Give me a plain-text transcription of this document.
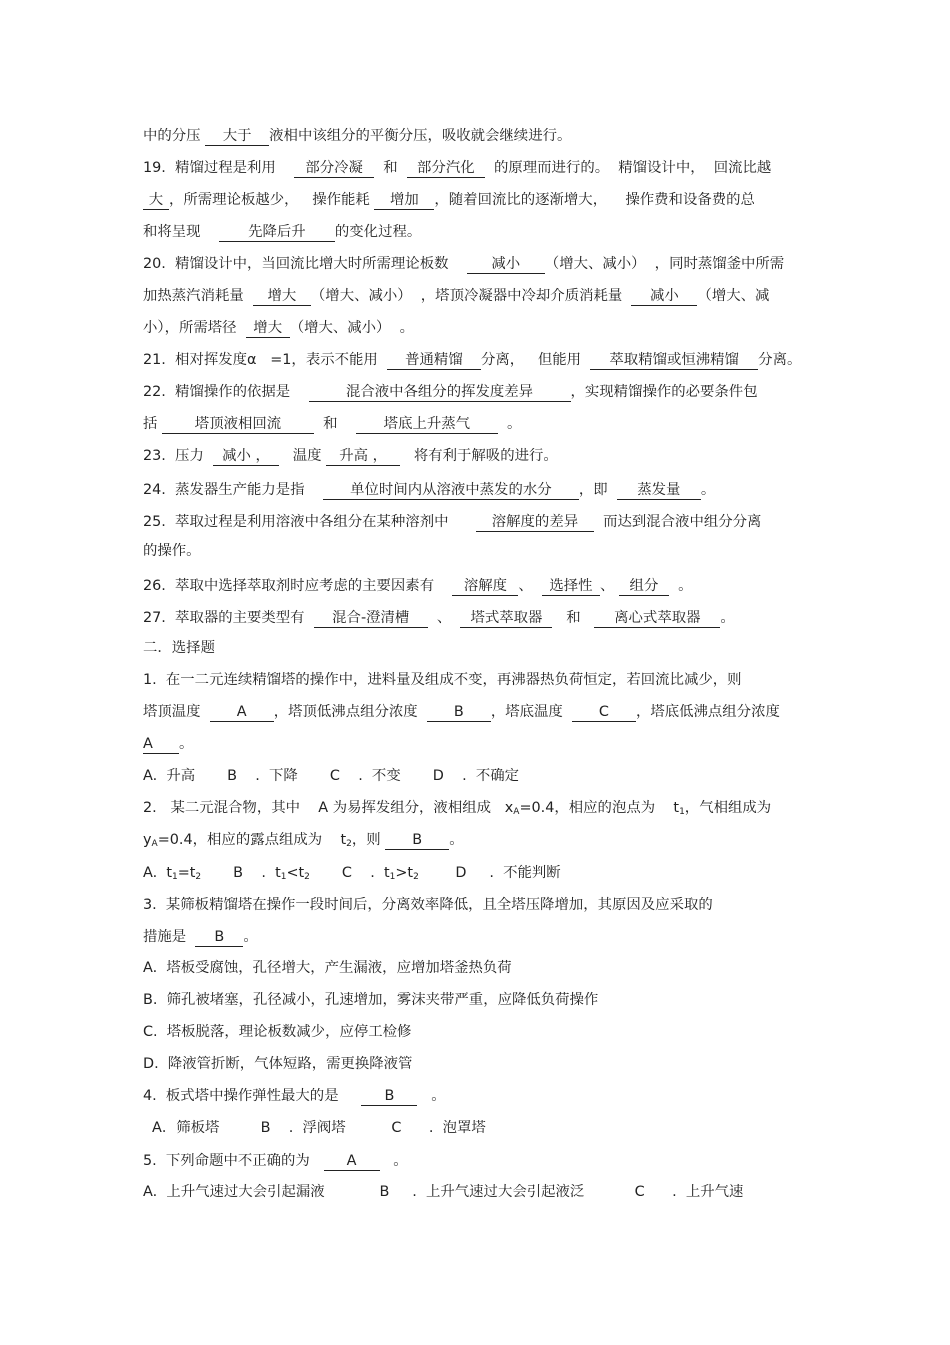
中的分压 大于 液相中该组分的平衡分压，吸收就会继续进行。
19. 精馏过程是利用 部分冷凝 和 部分汽化 的原理而进行的。  精馏设计中，  回流比越
大 ，所需理论板越少，   操作能耗 增加 ，随着回流比的逐渐增大，    操作费和设备费的总
和将呈现	先降后升 的变化过程。
20. 精馏设计中，当回流比增大时所需理论板数	减小 （增大、减小）  ，同时蒸馏釜中所需
加热蒸汽消耗量 增大 （增大、减小）  ，塔顶冷凝器中冷却介质消耗量 减小 （增大、减
小），所需塔径 增大 （增大、减小）  。
21. 相对挥发度α   =1，表示不能用 普通精馏 分离，   但能用 萃取精馏或恒沸精馏 分离。
22. 精馏操作的依据是	混合液中各组分的挥发度差异	，实现精馏操作的必要条件包
括	塔顶液相回流	和	塔底上升蒸气	。
23. 压力 减小 ， 温度 升高 ， 将有利于解吸的进行。
24. 蒸发器生产能力是指	单位时间内从溶液中蒸发的水分 ，即 蒸发量 。
25. 萃取过程是利用溶液中各组分在某种溶剂中	溶解度的差异 而达到混合液中组分分离
的操作。
26. 萃取中选择萃取剂时应考虑的主要因素有 溶解度 、 选择性 、 组分 。
27. 萃取器的主要类型有 混合-澄清槽 、 塔式萃取器 和 离心式萃取器 。
二．选择题
1. 在一二元连续精馏塔的操作中，进料量及组成不变，再沸器热负荷恒定，若回流比减少，则
塔顶温度	A ，塔顶低沸点组分浓度	B ，塔底温度	C ，塔底低沸点组分浓度
A 。
A.  升高 B    .  下降 C    .  不变 D    .  不确定
2. 某二元混合物，其中    A 为易挥发组分，液相组成 $x_A=0.4$，相应的泡点为    $t_1$，气相组成为
$y_A=0.4$，相应的露点组成为    $t_2$，则 B 。
A.  $t_1=t_2$ B    .  $t_1<t_2$ C    .  $t_1>t_2$	D     .  不能判断
3. 某筛板精馏塔在操作一段时间后，分离效率降低，且全塔压降增加，其原因及应采取的
措施是 B 。
A.  塔板受腐蚀，孔径增大，产生漏液，应增加塔釜热负荷
B.  筛孔被堵塞，孔径减小，孔速增加，雾沫夹带严重，应降低负荷操作
C.  塔板脱落，理论板数减少，应停工检修
D.  降液管折断，气体短路，需更换降液管
4. 板式塔中操作弹性最大的是	B	。
A．筛板塔	B    .  浮阀塔	C      .  泡罩塔
5. 下列命题中不正确的为	A	。
A.  上升气速过大会引起漏液	B     .  上升气速过大会引起液泛	C      .  上升气速
